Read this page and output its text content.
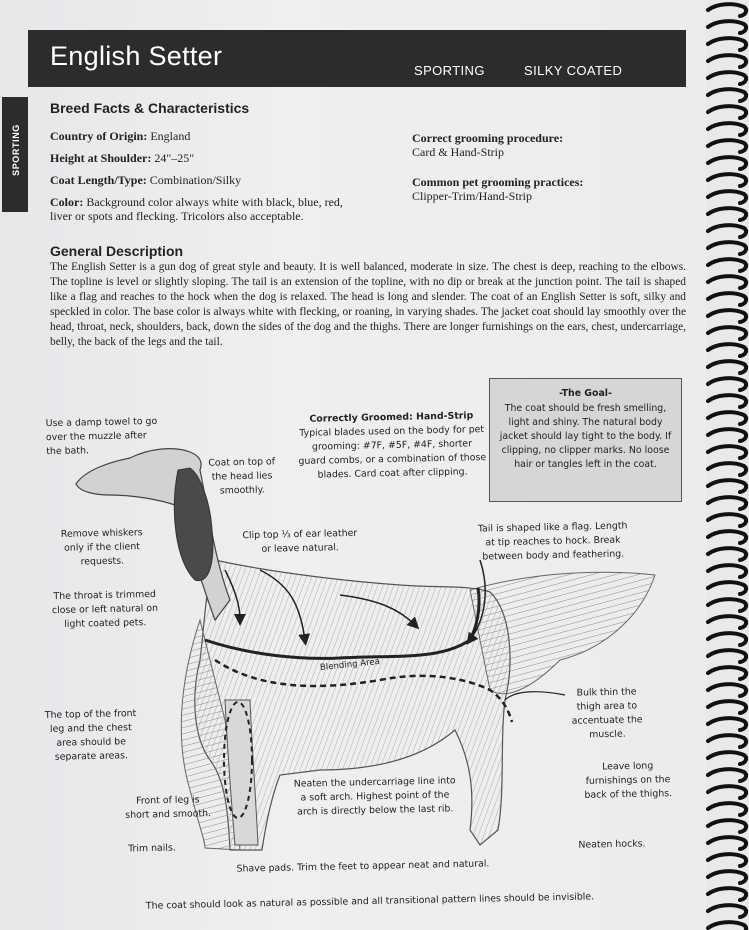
English Setter	SPORTING	SILKY COATED
SPORTING
Breed Facts & Characteristics
Country of Origin: England
Height at Shoulder: 24"–25"
Coat Length/Type: Combination/Silky
Color: Background color always white with black, blue, red,
liver or spots and flecking. Tricolors also acceptable.
Correct grooming procedure:
Card & Hand-Strip
Common pet grooming practices:
Clipper-Trim/Hand-Strip
General Description
The English Setter is a gun dog of great style and beauty. It is well balanced, moderate in size. The chest is deep, reaching to the elbows. The topline is level or slightly sloping. The tail is an extension of the topline, with no dip or break at the junction point. The tail is shaped like a flag and reaches to the hock when the dog is relaxed. The head is long and slender. The coat of an English Setter is soft, silky and speckled in color. The base color is always white with flecking, or roaning, in varying shades. The jacket coat should lay smoothly over the head, throat, neck, shoulders, back, down the sides of the dog and the thighs. There are longer furnishings on the ears, chest, undercarriage, belly, the back of the legs and the tail.
-The Goal-
The coat should be fresh smelling, light and shiny. The natural body jacket should lay tight to the body. If clipping, no clipper marks. No loose hair or tangles left in the coat.
Correctly Groomed: Hand-Strip
Typical blades used on the body for pet grooming: #7F, #5F, #4F, shorter guard combs, or a combination of those blades. Card coat after clipping.
Use a damp towel to go over the muzzle after the bath.
Coat on top of the head lies smoothly.
Remove whiskers only if the client requests.
Clip top ⅓ of ear leather or leave natural.
Tail is shaped like a flag. Length at tip reaches to hock. Break between body and feathering.
The throat is trimmed close or left natural on light coated pets.
Blending Area
Bulk thin the thigh area to accentuate the muscle.
The top of the front leg and the chest area should be separate areas.
Neaten the undercarriage line into a soft arch. Highest point of the arch is directly below the last rib.
Leave long furnishings on the back of the thighs.
Front of leg is short and smooth.
Trim nails.
Shave pads. Trim the feet to appear neat and natural.
Neaten hocks.
The coat should look as natural as possible and all transitional pattern lines should be invisible.
